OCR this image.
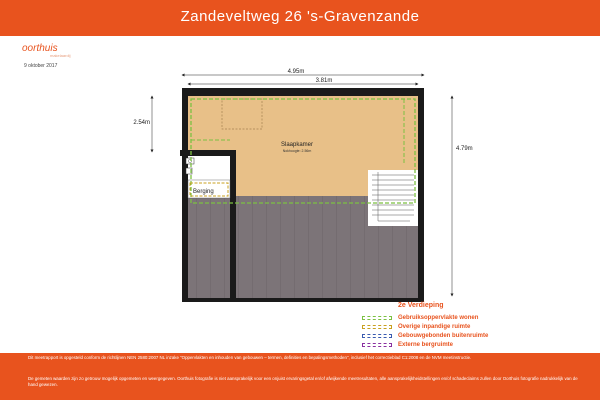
Zandeveltweg 26 's-Gravenzande
oorthuis
makelaardij
9 oktober 2017
4.95m
3.81m
2.54m
4.79m
Slaapkamer
Nokhoogte: 2.56m
Berging
2e Verdieping
Gebruiksoppervlakte wonen
Overige inpandige ruimte
Gebouwgebonden buitenruimte
Externe bergruimte
Dit meetrapport is opgesteld conform de richtlijnen NEN 2580:2007 NL inzake "Oppervlakten en inhouden van gebouwen – termen, definities en bepalingsmethoden", inclusief het correctieblad C1:2008 en de NVM meetinstructie.
De gemeten waarden zijn zo getrouw mogelijk opgemeten en weergegeven. Oorthuis fotografie is niet aansprakelijk voor een onjuist ervaringsgetal en/of afwijkende meetresultaten, alle aansprakelijkheidstellingen en/of schadeclaims zullen door Oorthuis fotografie nadrukkelijk van de hand gewezen.
